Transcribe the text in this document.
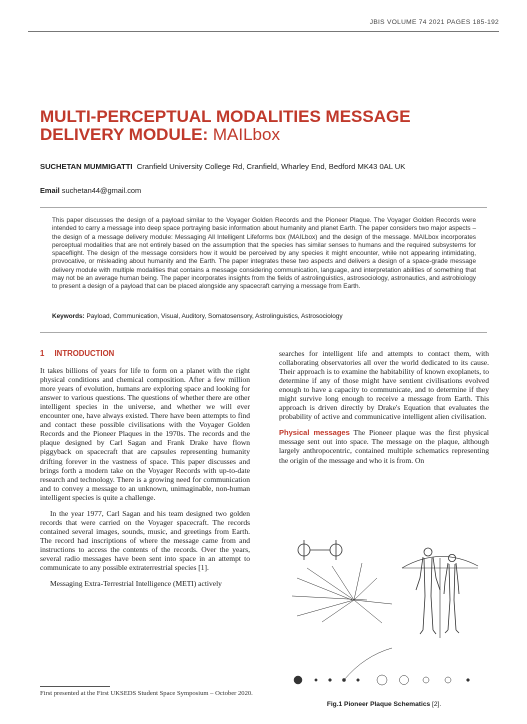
JBIS VOLUME 74 2021 PAGES 185-192
MULTI-PERCEPTUAL MODALITIES MESSAGE DELIVERY MODULE: MAILbox
SUCHETAN MUMMIGATTI Cranfield University College Rd, Cranfield, Wharley End, Bedford MK43 0AL UK
Email suchetan44@gmail.com
This paper discusses the design of a payload similar to the Voyager Golden Records and the Pioneer Plaque. The Voyager Golden Records were intended to carry a message into deep space portraying basic information about humanity and planet Earth. The paper considers two major aspects – the design of a message delivery module: Messaging All Intelligent Lifeforms box (MAILbox) and the design of the message. MAILbox incorporates perceptual modalities that are not entirely based on the assumption that the species has similar senses to humans and the required subsystems for spaceflight. The design of the message considers how it would be perceived by any species it might encounter, while not appearing intimidating, provocative, or misleading about humanity and the Earth. The paper integrates these two aspects and delivers a design of a space-grade message delivery module with multiple modalities that contains a message considering communication, language, and interpretation abilities of something that may not be an average human being. The paper incorporates insights from the fields of astrolinguistics, astrosociology, astronautics, and astrobiology to present a design of a payload that can be placed alongside any spacecraft carrying a message from Earth.
Keywords: Payload, Communication, Visual, Auditory, Somatosensory, Astrolinguistics, Astrosociology
1 INTRODUCTION

It takes billions of years for life to form on a planet with the right physical conditions and chemical composition. After a few million more years of evolution, humans are exploring space and looking for answer to various questions. The questions of whether there are other intelligent species in the universe, and whether we will ever encounter one, have always existed. There have been attempts to find and contact these possible civilisations with the Voyager Golden Records and the Pioneer Plaques in the 1970s. The records and the plaque designed by Carl Sagan and Frank Drake have flown piggyback on spacecraft that are capsules representing humanity drifting forever in the vastness of space. This paper discusses and brings forth a modern take on the Voyager Records with up-to-date research and technology. There is a growing need for communication and to convey a message to an unknown, unimaginable, non-human intelligent species is quite a challenge.

In the year 1977, Carl Sagan and his team designed two golden records that were carried on the Voyager spacecraft. The records contained several images, sounds, music, and greetings from Earth. The record had inscriptions of where the message came from and instructions to access the contents of the records. Over the years, several radio messages have been sent into space in an attempt to communicate to any possible extraterrestrial species [1].

Messaging Extra-Terrestrial Intelligence (METI) actively

searches for intelligent life and attempts to contact them, with collaborating observatories all over the world dedicated to its cause. Their approach is to examine the habitability of known exoplanets, to determine if any of those might have sentient civilisations evolved enough to have a capacity to communicate, and to determine if they might survive long enough to receive a message from Earth. This approach is driven directly by Drake's Equation that evaluates the probability of active and communicative intelligent alien civilisation.

Physical messages The Pioneer plaque was the first physical message sent out into space. The message on the plaque, although largely anthropocentric, contained multiple schematics representing the origin of the message and who it is from. On

First presented at the First UKSEDS Student Space Symposium – October 2020.
Fig.1 Pioneer Plaque Schematics [2].
